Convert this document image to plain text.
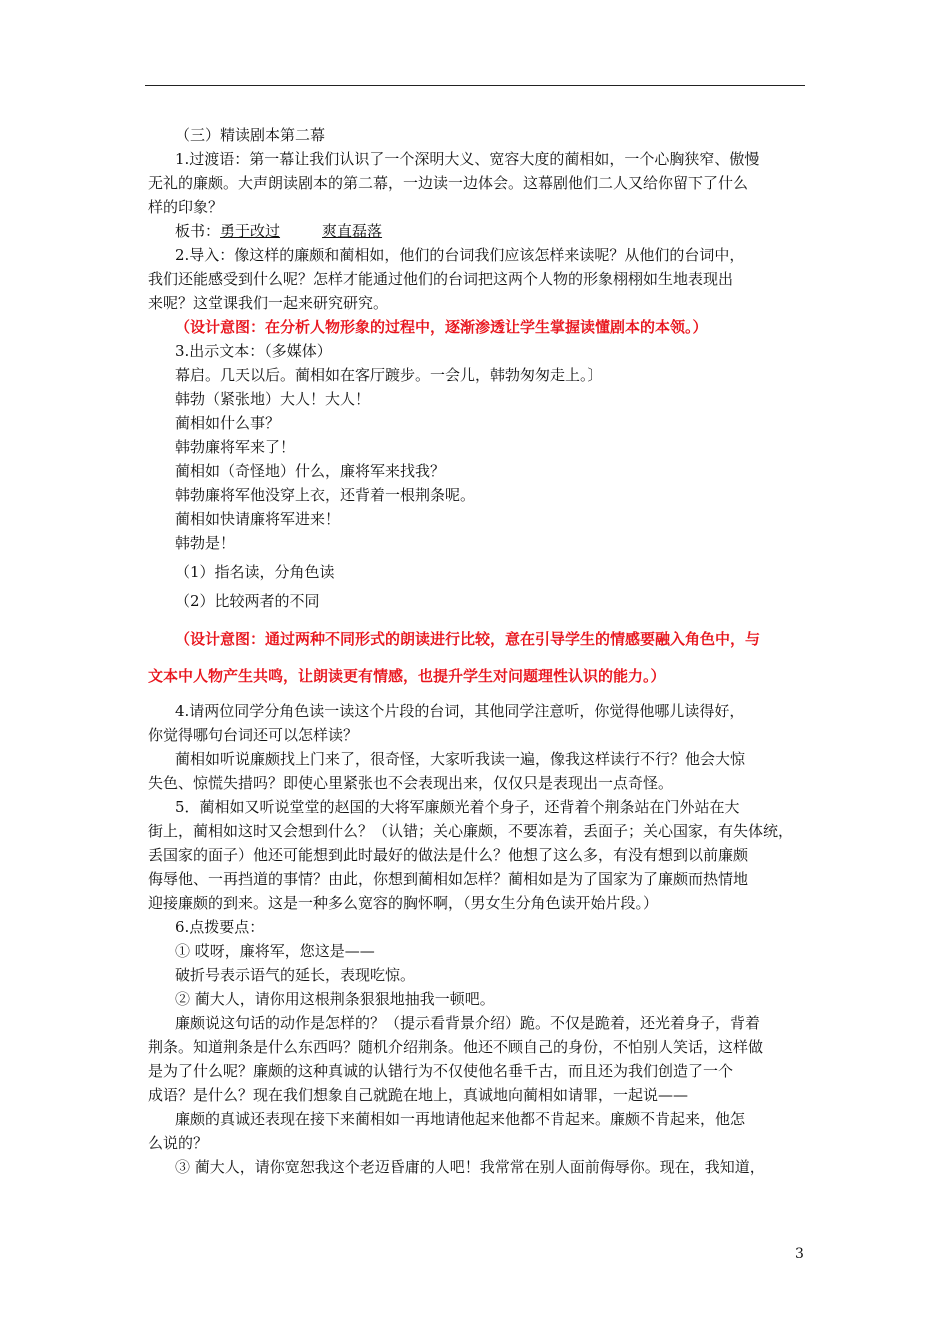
（三）精读剧本第二幕
1.过渡语：第一幕让我们认识了一个深明大义、宽容大度的蔺相如，一个心胸狭窄、傲慢
无礼的廉颇。大声朗读剧本的第二幕，一边读一边体会。这幕剧他们二人又给你留下了什么
样的印象？
板书：勇于改过	爽直磊落
2.导入：像这样的廉颇和蔺相如，他们的台词我们应该怎样来读呢？从他们的台词中，
我们还能感受到什么呢？怎样才能通过他们的台词把这两个人物的形象栩栩如生地表现出
来呢？这堂课我们一起来研究研究。
（设计意图：在分析人物形象的过程中，逐渐渗透让学生掌握读懂剧本的本领。）
3.出示文本：（多媒体）
幕启。几天以后。蔺相如在客厅踱步。一会儿，韩勃匆匆走上。〕
韩勃（紧张地）大人！大人！
蔺相如什么事？
韩勃廉将军来了！
蔺相如（奇怪地）什么，廉将军来找我？
韩勃廉将军他没穿上衣，还背着一根荆条呢。
蔺相如快请廉将军进来！
韩勃是！
（1）指名读，分角色读
（2）比较两者的不同
（设计意图：通过两种不同形式的朗读进行比较，意在引导学生的情感要融入角色中，与
文本中人物产生共鸣，让朗读更有情感，也提升学生对问题理性认识的能力。）
4.请两位同学分角色读一读这个片段的台词，其他同学注意听，你觉得他哪儿读得好，
你觉得哪句台词还可以怎样读？
蔺相如听说廉颇找上门来了，很奇怪，大家听我读一遍，像我这样读行不行？他会大惊
失色、惊慌失措吗？即使心里紧张也不会表现出来，仅仅只是表现出一点奇怪。
5．蔺相如又听说堂堂的赵国的大将军廉颇光着个身子，还背着个荆条站在门外站在大
街上，蔺相如这时又会想到什么？（认错；关心廉颇，不要冻着，丢面子；关心国家，有失体统，
丢国家的面子）他还可能想到此时最好的做法是什么？他想了这么多，有没有想到以前廉颇
侮辱他、一再挡道的事情？由此，你想到蔺相如怎样？蔺相如是为了国家为了廉颇而热情地
迎接廉颇的到来。这是一种多么宽容的胸怀啊，（男女生分角色读开始片段。）
6.点拨要点：
① 哎呀，廉将军，您这是——
破折号表示语气的延长，表现吃惊。
② 蔺大人，请你用这根荆条狠狠地抽我一顿吧。
廉颇说这句话的动作是怎样的？（提示看背景介绍）跪。不仅是跪着，还光着身子，背着
荆条。知道荆条是什么东西吗？随机介绍荆条。他还不顾自己的身份，不怕别人笑话，这样做
是为了什么呢？廉颇的这种真诚的认错行为不仅使他名垂千古，而且还为我们创造了一个
成语？是什么？现在我们想象自己就跪在地上，真诚地向蔺相如请罪，一起说——
廉颇的真诚还表现在接下来蔺相如一再地请他起来他都不肯起来。廉颇不肯起来，他怎
么说的？
③ 蔺大人，请你宽恕我这个老迈昏庸的人吧！我常常在别人面前侮辱你。现在，我知道，
3
